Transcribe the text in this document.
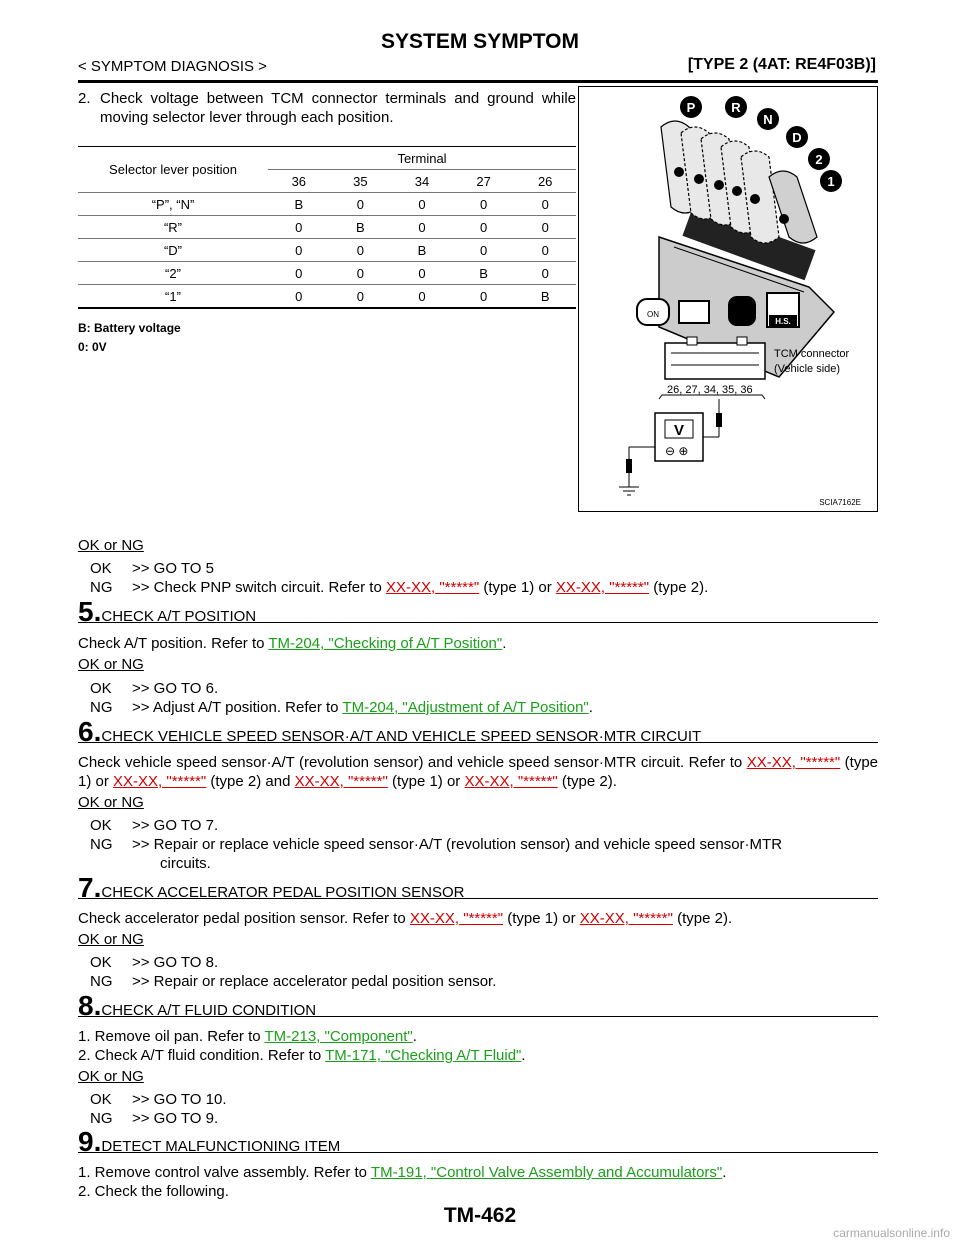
SYSTEM SYMPTOM
< SYMPTOM DIAGNOSIS >	[TYPE 2 (4AT: RE4F03B)]
2. Check voltage between TCM connector terminals and ground while moving selector lever through each position.
Selector lever position	Terminal				
	36	35	34	27	26
“P”, “N”	B	0	0	0	0
“R”	0	B	0	0	0
“D”	0	0	B	0	0
“2”	0	0	0	B	0
“1”	0	0	0	0	B
B: Battery voltage
0: 0V
P	R
N
D
2
1
ON
H.S.
TCM connector
(Vehicle side)
26, 27, 34, 35, 36
V
⊖ ⊕
SCIA7162E
OK or NG
OK >> GO TO 5
NG >> Check PNP switch circuit. Refer to XX-XX, "*****" (type 1) or XX-XX, "*****" (type 2).
5.CHECK A/T POSITION
Check A/T position. Refer to TM-204, "Checking of A/T Position".
OK or NG
OK >> GO TO 6.
NG >> Adjust A/T position. Refer to TM-204, "Adjustment of A/T Position".
6.CHECK VEHICLE SPEED SENSOR·A/T AND VEHICLE SPEED SENSOR·MTR CIRCUIT
Check vehicle speed sensor·A/T (revolution sensor) and vehicle speed sensor·MTR circuit. Refer to XX-XX, "*****" (type 1) or XX-XX, "*****" (type 2) and XX-XX, "*****" (type 1) or XX-XX, "*****" (type 2).
OK or NG
OK >> GO TO 7.
NG >> Repair or replace vehicle speed sensor·A/T (revolution sensor) and vehicle speed sensor·MTR
circuits.
7.CHECK ACCELERATOR PEDAL POSITION SENSOR
Check accelerator pedal position sensor. Refer to XX-XX, "*****" (type 1) or XX-XX, "*****" (type 2).
OK or NG
OK >> GO TO 8.
NG >> Repair or replace accelerator pedal position sensor.
8.CHECK A/T FLUID CONDITION
1. Remove oil pan. Refer to TM-213, "Component".
2. Check A/T fluid condition. Refer to TM-171, "Checking A/T Fluid".
OK or NG
OK >> GO TO 10.
NG >> GO TO 9.
9.DETECT MALFUNCTIONING ITEM
1. Remove control valve assembly. Refer to TM-191, "Control Valve Assembly and Accumulators".
2. Check the following.
TM-462
carmanualsonline.info
